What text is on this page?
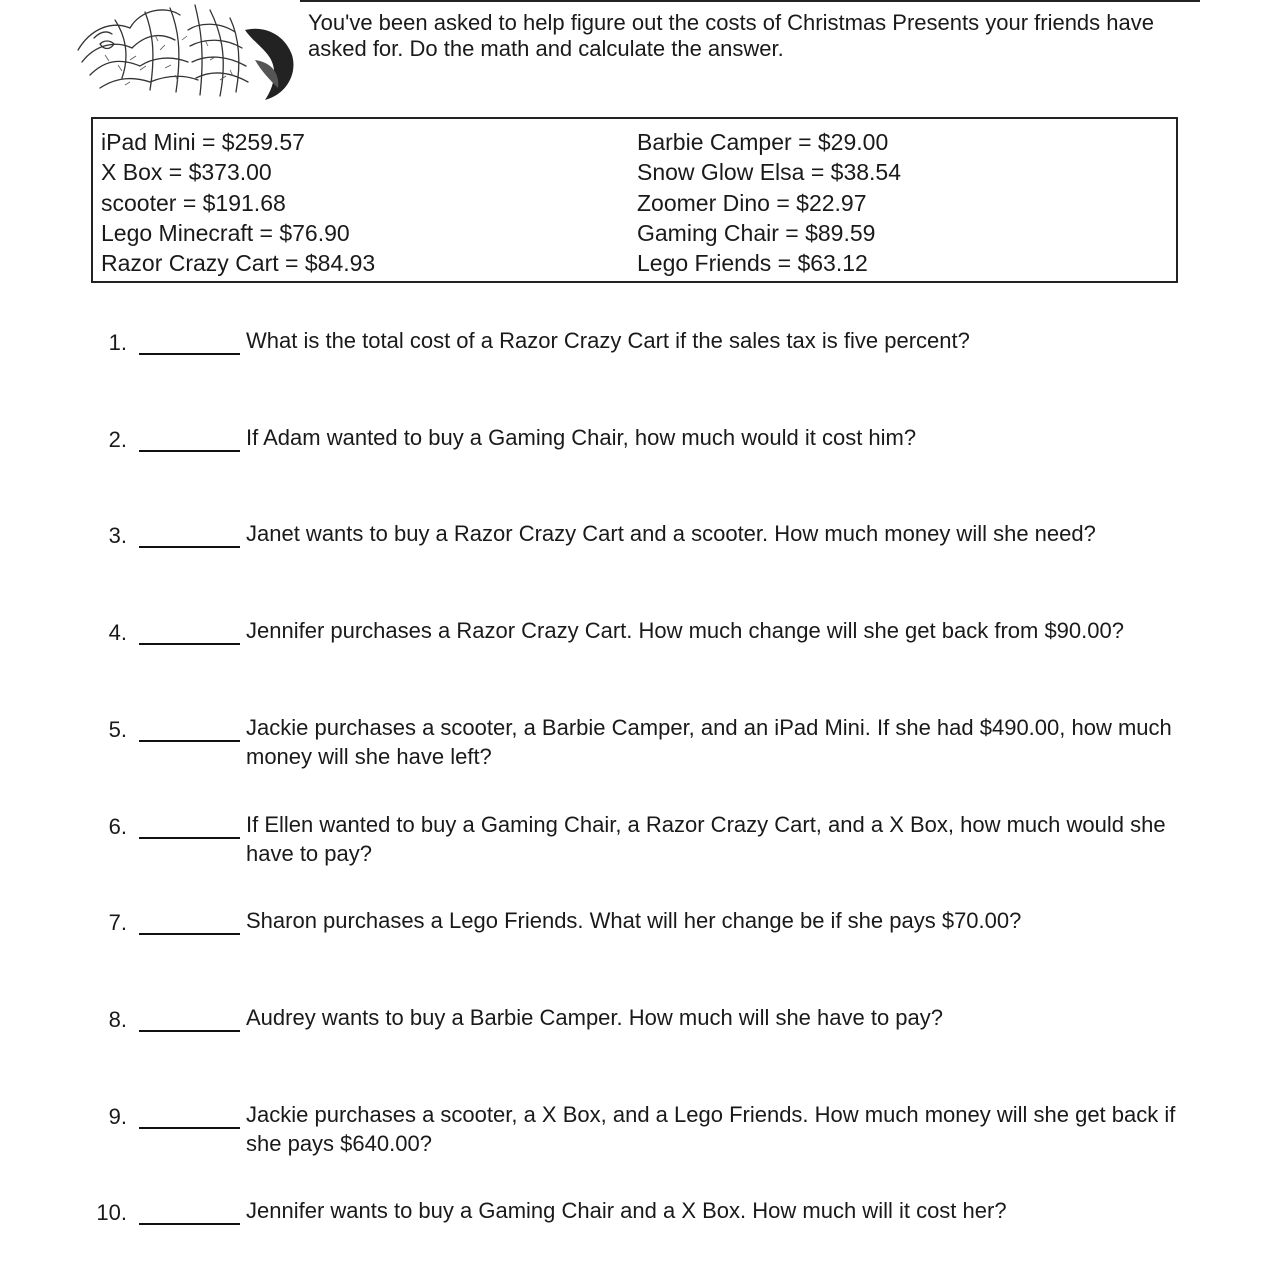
You've been asked to help figure out the costs of Christmas Presents your friends have asked for. Do the math and calculate the answer.

iPad Mini = $259.57
X Box = $373.00
scooter = $191.68
Lego Minecraft = $76.90
Razor Crazy Cart = $84.93
Barbie Camper = $29.00
Snow Glow Elsa = $38.54
Zoomer Dino = $22.97
Gaming Chair = $89.59
Lego Friends = $63.12
1.	What is the total cost of a Razor Crazy Cart if the sales tax is five percent?

2.	If Adam wanted to buy a Gaming Chair, how much would it cost him?

3.	Janet wants to buy a Razor Crazy Cart and a scooter. How much money will she need?

4.	Jennifer purchases a Razor Crazy Cart. How much change will she get back from $90.00?

5.	Jackie purchases a scooter, a Barbie Camper, and an iPad Mini. If she had $490.00, how much money will she have left?

6.	If Ellen wanted to buy a Gaming Chair, a Razor Crazy Cart, and a X Box, how much would she have to pay?

7.	Sharon purchases a Lego Friends. What will her change be if she pays $70.00?

8.	Audrey wants to buy a Barbie Camper. How much will she have to pay?

9.	Jackie purchases a scooter, a X Box, and a Lego Friends. How much money will she get back if she pays $640.00?

10.	Jennifer wants to buy a Gaming Chair and a X Box. How much will it cost her?
